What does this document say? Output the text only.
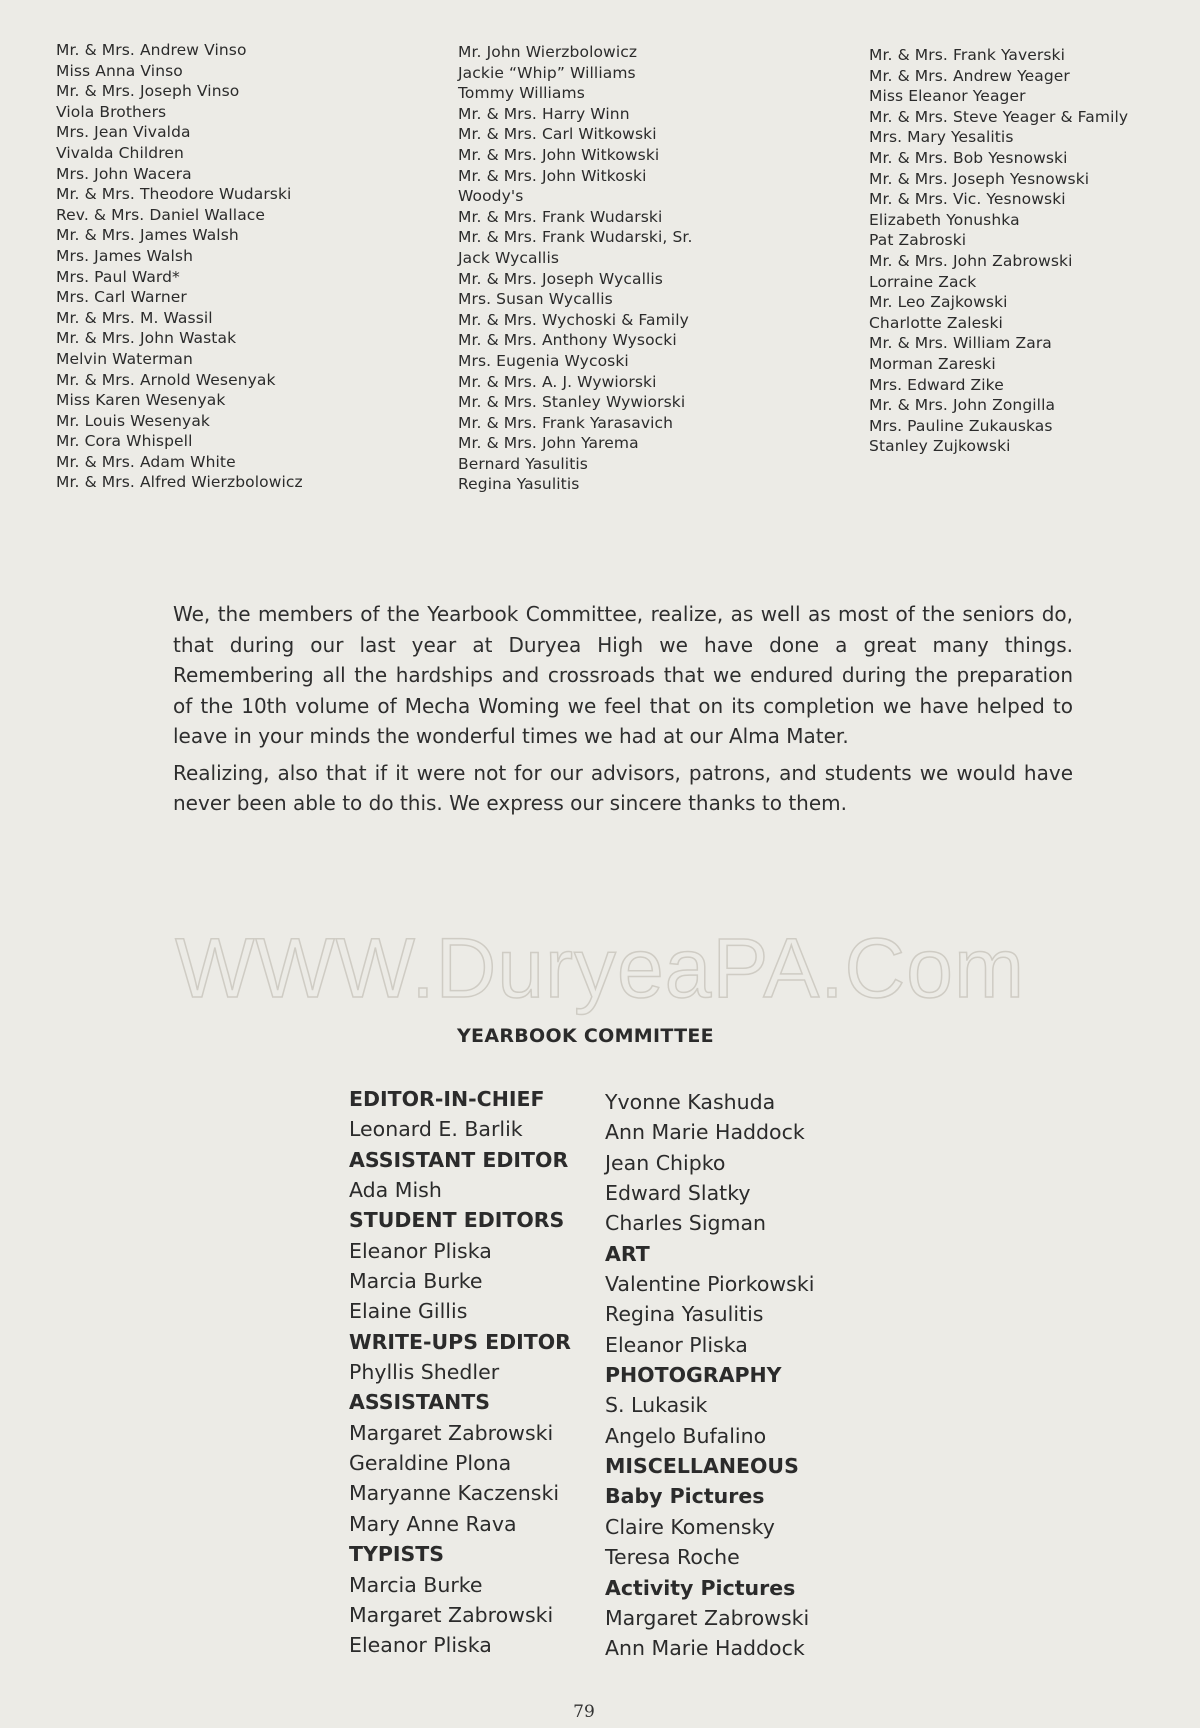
Mr. & Mrs. Andrew Vinso
Miss Anna Vinso
Mr. & Mrs. Joseph Vinso
Viola Brothers
Mrs. Jean Vivalda
Vivalda Children
Mrs. John Wacera
Mr. & Mrs. Theodore Wudarski
Rev. & Mrs. Daniel Wallace
Mr. & Mrs. James Walsh
Mrs. James Walsh
Mrs. Paul Ward*
Mrs. Carl Warner
Mr. & Mrs. M. Wassil
Mr. & Mrs. John Wastak
Melvin Waterman
Mr. & Mrs. Arnold Wesenyak
Miss Karen Wesenyak
Mr. Louis Wesenyak
Mr. Cora Whispell
Mr. & Mrs. Adam White
Mr. & Mrs. Alfred Wierzbolowicz
Mr. John Wierzbolowicz
Jackie “Whip” Williams
Tommy Williams
Mr. & Mrs. Harry Winn
Mr. & Mrs. Carl Witkowski
Mr. & Mrs. John Witkowski
Mr. & Mrs. John Witkoski
Woody's
Mr. & Mrs. Frank Wudarski
Mr. & Mrs. Frank Wudarski, Sr.
Jack Wycallis
Mr. & Mrs. Joseph Wycallis
Mrs. Susan Wycallis
Mr. & Mrs. Wychoski & Family
Mr. & Mrs. Anthony Wysocki
Mrs. Eugenia Wycoski
Mr. & Mrs. A. J. Wywiorski
Mr. & Mrs. Stanley Wywiorski
Mr. & Mrs. Frank Yarasavich
Mr. & Mrs. John Yarema
Bernard Yasulitis
Regina Yasulitis
Mr. & Mrs. Frank Yaverski
Mr. & Mrs. Andrew Yeager
Miss Eleanor Yeager
Mr. & Mrs. Steve Yeager & Family
Mrs. Mary Yesalitis
Mr. & Mrs. Bob Yesnowski
Mr. & Mrs. Joseph Yesnowski
Mr. & Mrs. Vic. Yesnowski
Elizabeth Yonushka
Pat Zabroski
Mr. & Mrs. John Zabrowski
Lorraine Zack
Mr. Leo Zajkowski
Charlotte Zaleski
Mr. & Mrs. William Zara
Morman Zareski
Mrs. Edward Zike
Mr. & Mrs. John Zongilla
Mrs. Pauline Zukauskas
Stanley Zujkowski

We, the members of the Yearbook Committee, realize, as well as most of the seniors do, that during our last year at Duryea High we have done a great many things. Remembering all the hardships and crossroads that we endured during the preparation of the 10th volume of Mecha Woming we feel that on its completion we have helped to leave in your minds the wonderful times we had at our Alma Mater.

Realizing, also that if it were not for our advisors, patrons, and students we would have never been able to do this. We express our sincere thanks to them.

WWW.DuryeaPA.Com
YEARBOOK COMMITTEE
EDITOR-IN-CHIEF
Leonard E. Barlik
ASSISTANT EDITOR
Ada Mish
STUDENT EDITORS
Eleanor Pliska
Marcia Burke
Elaine Gillis
WRITE-UPS EDITOR
Phyllis Shedler
ASSISTANTS
Margaret Zabrowski
Geraldine Plona
Maryanne Kaczenski
Mary Anne Rava
TYPISTS
Marcia Burke
Margaret Zabrowski
Eleanor Pliska
Yvonne Kashuda
Ann Marie Haddock
Jean Chipko
Edward Slatky
Charles Sigman
ART
Valentine Piorkowski
Regina Yasulitis
Eleanor Pliska
PHOTOGRAPHY
S. Lukasik
Angelo Bufalino
MISCELLANEOUS
Baby Pictures
Claire Komensky
Teresa Roche
Activity Pictures
Margaret Zabrowski
Ann Marie Haddock
79
